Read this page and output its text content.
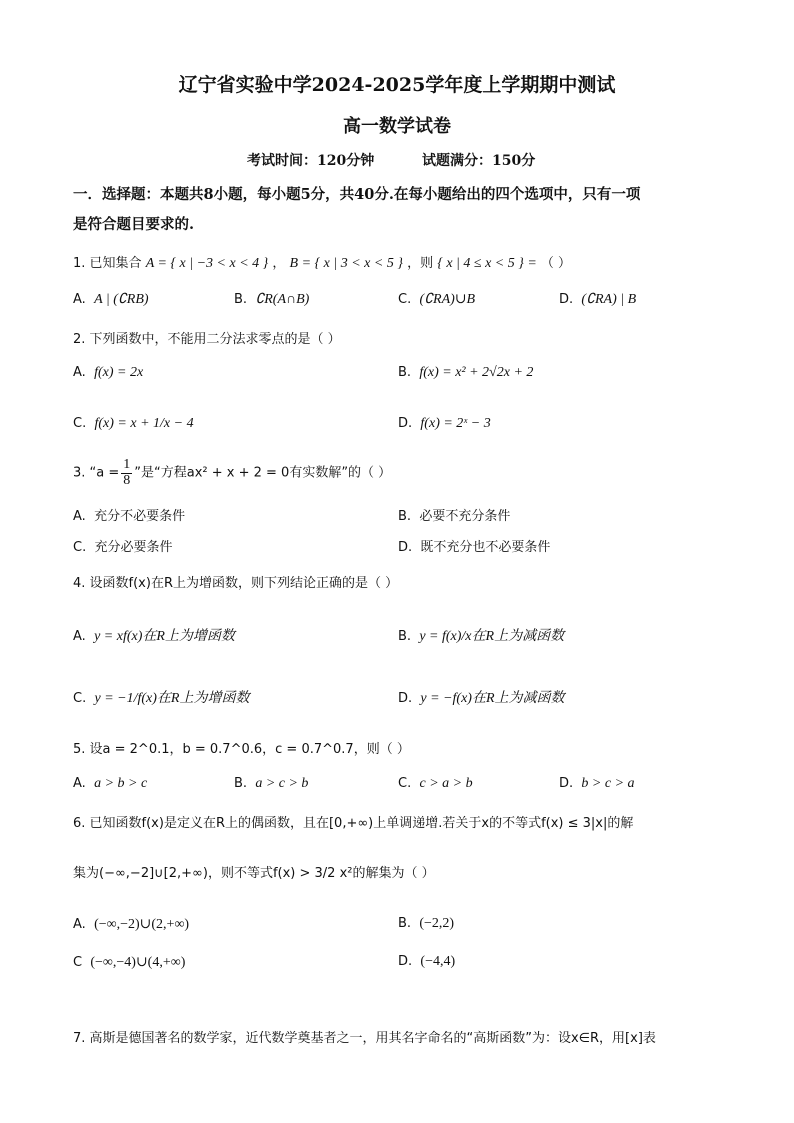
辽宁省实验中学2024-2025学年度上学期期中测试
高一数学试卷
考试时间：120分钟	试题满分：150分
一．选择题：本题共8小题，每小题5分，共40分.在每小题给出的四个选项中，只有一项
是符合题目要求的.
1. 已知集合 A = { x | −3 < x < 4 } ， B = { x | 3 < x < 5 } ，则 { x | 4 ≤ x < 5 } = （ ）
A. A | (∁RB)	B. ∁R(A∩B)	C. (∁RA)∪B	D. (∁RA) | B
2. 下列函数中，不能用二分法求零点的是（ ）
A. f(x) = 2x	B. f(x) = x² + 2√2x + 2
C. f(x) = x + 1/x − 4	D. f(x) = 2ˣ − 3
3. “$a = \frac{1}{8}$ ”是“方程ax² + x + 2 = 0有实数解”的（ ）
A. 充分不必要条件	B. 必要不充分条件
C. 充分必要条件	D. 既不充分也不必要条件
4. 设函数f(x)在R上为增函数，则下列结论正确的是（ ）
A. y = xf(x)在R上为增函数	B. y = f(x)/x在R上为减函数
C. y = −1/f(x)在R上为增函数	D. y = −f(x)在R上为减函数
5. 设a = 2^0.1，b = 0.7^0.6，c = 0.7^0.7，则（ ）
A. a > b > c	B. a > c > b	C. c > a > b	D. b > c > a
6. 已知函数f(x)是定义在R上的偶函数，且在[0,+∞)上单调递增.若关于x的不等式f(x) ≤ 3|x|的解
集为(−∞,−2]∪[2,+∞)，则不等式f(x) > 3/2 x²的解集为（ ）
A. (−∞,−2)∪(2,+∞)	B. (−2,2)
C (−∞,−4)∪(4,+∞)	D. (−4,4)
7. 高斯是德国著名的数学家，近代数学奠基者之一，用其名字命名的“高斯函数”为：设x∈R，用[x]表
